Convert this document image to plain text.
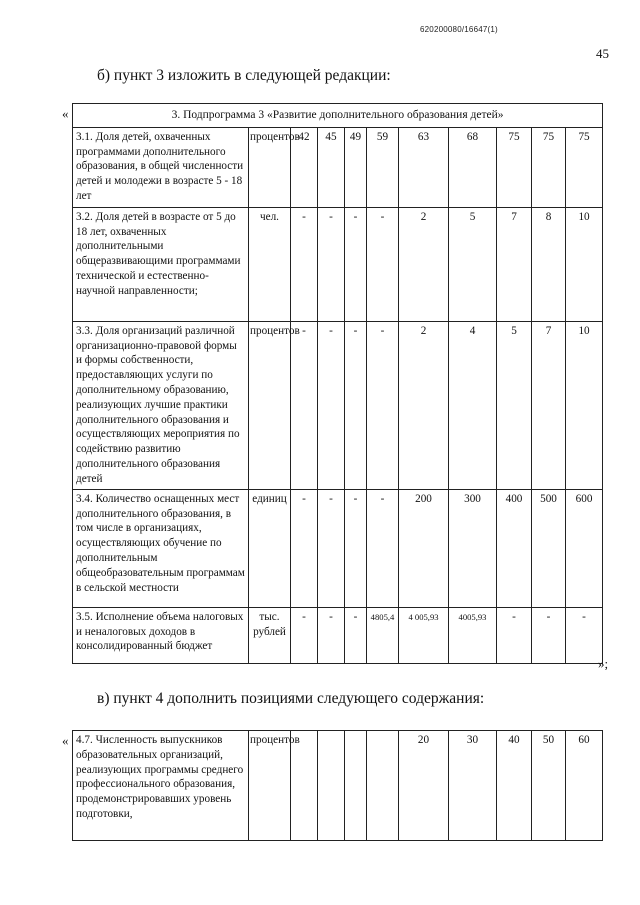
620200080/16647(1)
45
б) пункт 3 изложить в следующей редакции:
«	3. Подпрограмма 3 «Развитие дополнительного образования детей»										
3.1. Доля детей, охваченных программами дополнительного образования, в общей численности детей и молодежи в возрасте 5 - 18 лет	процентов	42	45	49	59	63	68	75	75	75
3.2. Доля детей в возрасте от 5 до 18 лет, охваченных дополнительными общеразвивающими программами технической и естественно-научной направленности;	чел.	-	-	-	-	2	5	7	8	10
3.3. Доля организаций различной организационно-правовой формы и формы собственности, предоставляющих услуги по дополнительному образованию, реализующих лучшие практики дополнительного образования и осуществляющих мероприятия по содействию развитию дополнительного образования детей	процентов	-	-	-	-	2	4	5	7	10
3.4. Количество оснащенных мест дополнительного образования, в том числе в организациях, осуществляющих обучение по дополнительным общеобразовательным программам в сельской местности	единиц	-	-	-	-	200	300	400	500	600
3.5. Исполнение объема налоговых и неналоговых доходов в консолидированный бюджет	тыс. рублей	-	-	-	4805,4	4 005,93	4005,93	-	-	-
»;
в) пункт 4 дополнить позициями следующего содержания:
« 4.7. Численность выпускников образовательных организаций, реализующих программы среднего профессионального образования, продемонстрировавших уровень подготовки,	процентов					20	30	40	50	60
